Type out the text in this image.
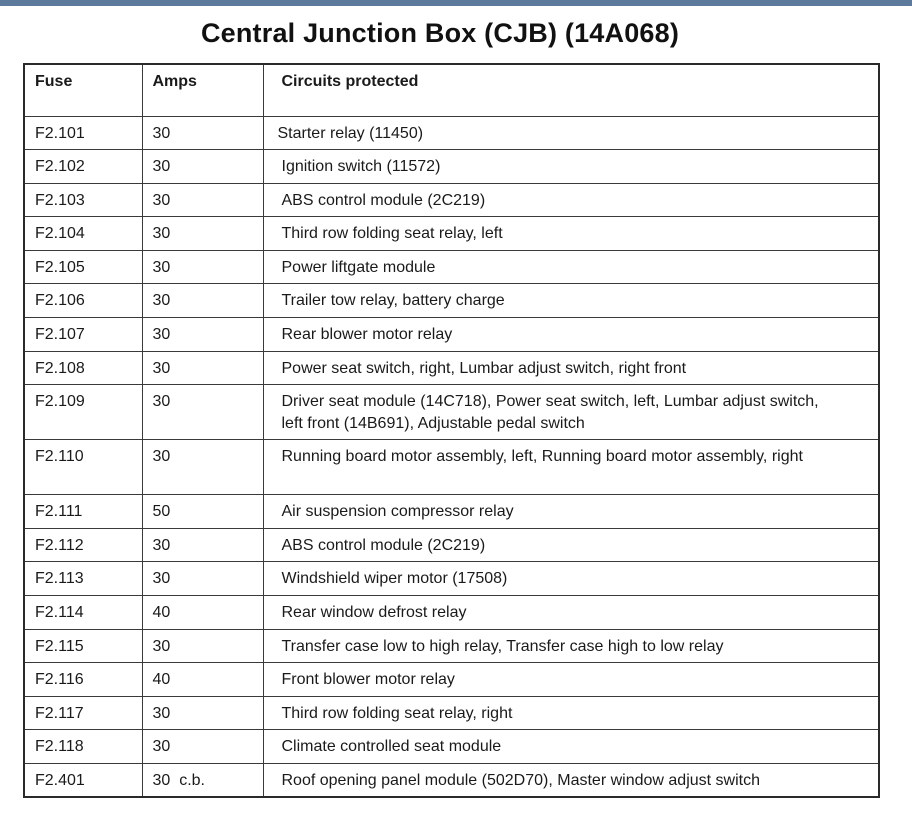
Central Junction Box (CJB) (14A068)
Fuse	Amps	Circuits protected
F2.101	30	Starter relay (11450)
F2.102	30	Ignition switch (11572)
F2.103	30	ABS control module (2C219)
F2.104	30	Third row folding seat relay, left
F2.105	30	Power liftgate module
F2.106	30	Trailer tow relay, battery charge
F2.107	30	Rear blower motor relay
F2.108	30	Power seat switch, right, Lumbar adjust switch, right front
F2.109	30	Driver seat module (14C718), Power seat switch, left, Lumbar adjust switch, left front (14B691), Adjustable pedal switch
F2.110	30	Running board motor assembly, left, Running board motor assembly, right
F2.111	50	Air suspension compressor relay
F2.112	30	ABS control module (2C219)
F2.113	30	Windshield wiper motor (17508)
F2.114	40	Rear window defrost relay
F2.115	30	Transfer case low to high relay, Transfer case high to low relay
F2.116	40	Front blower motor relay
F2.117	30	Third row folding seat relay, right
F2.118	30	Climate controlled seat module
F2.401	30  c.b.	Roof opening panel module (502D70), Master window adjust switch
